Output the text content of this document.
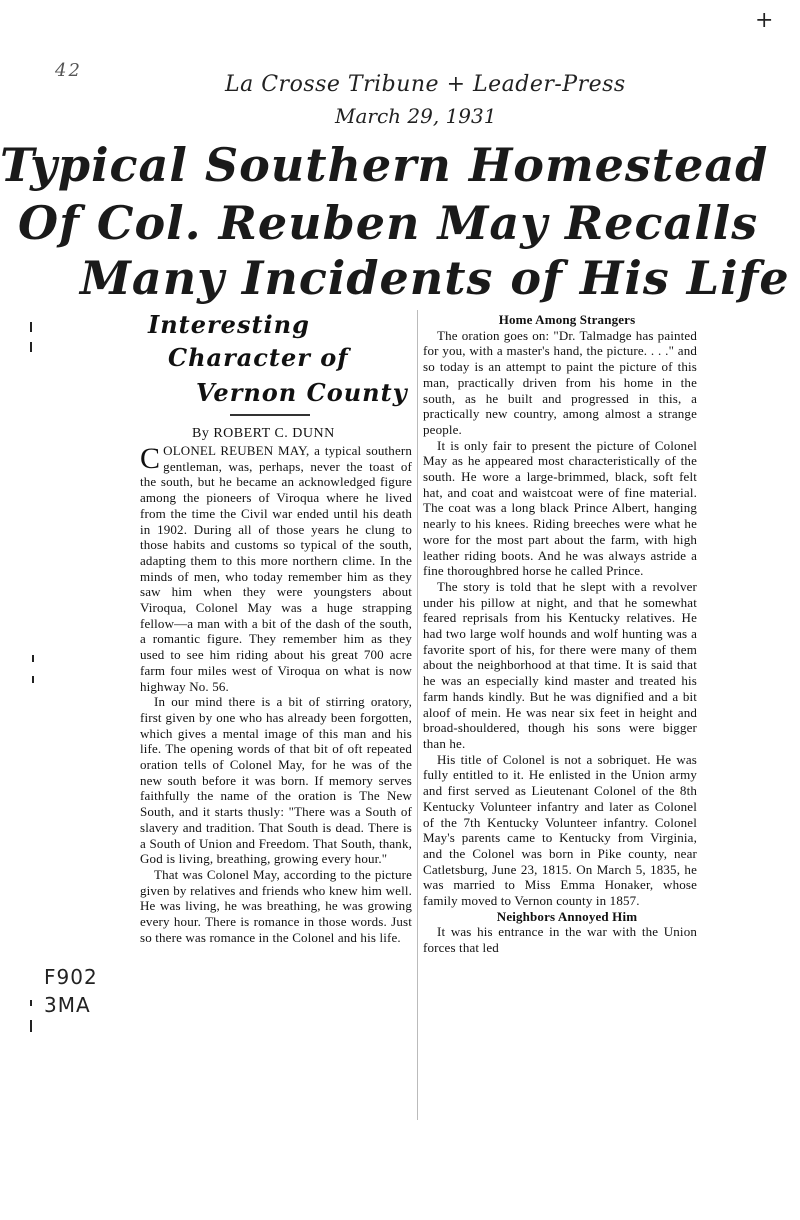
+
42
La Crosse Tribune + Leader-Press
March 29, 1931
Typical Southern Homestead
Of Col. Reuben May Recalls
Many Incidents of His Life
Interesting
Character of
Vernon County
By ROBERT C. DUNN

COLONEL REUBEN MAY, a typical southern gentleman, was, perhaps, never the toast of the south, but he became an acknowledged figure among the pioneers of Viroqua where he lived from the time the Civil war ended until his death in 1902. During all of those years he clung to those habits and customs so typical of the south, adapting them to this more northern clime. In the minds of men, who today remember him as they saw him when they were youngsters about Viroqua, Colonel May was a huge strapping fellow—a man with a bit of the dash of the south, a romantic figure. They remember him as they used to see him riding about his great 700 acre farm four miles west of Viroqua on what is now highway No. 56.

In our mind there is a bit of stirring oratory, first given by one who has already been forgotten, which gives a mental image of this man and his life. The opening words of that bit of oft repeated oration tells of Colonel May, for he was of the new south before it was born. If memory serves faithfully the name of the oration is The New South, and it starts thusly: "There was a South of slavery and tradition. That South is dead. There is a South of Union and Freedom. That South, thank, God is living, breathing, growing every hour."

That was Colonel May, according to the picture given by relatives and friends who knew him well. He was living, he was breathing, he was growing every hour. There is romance in those words. Just so there was romance in the Colonel and his life.

Home Among Strangers

The oration goes on: "Dr. Talmadge has painted for you, with a master's hand, the picture. . . ." and so today is an attempt to paint the picture of this man, practically driven from his home in the south, as he built and progressed in this, a practically new country, among almost a strange people.

It is only fair to present the picture of Colonel May as he appeared most characteristically of the south. He wore a large-brimmed, black, soft felt hat, and coat and waistcoat were of fine material. The coat was a long black Prince Albert, hanging nearly to his knees. Riding breeches were what he wore for the most part about the farm, with high leather riding boots. And he was always astride a fine thoroughbred horse he called Prince.

The story is told that he slept with a revolver under his pillow at night, and that he somewhat feared reprisals from his Kentucky relatives. He had two large wolf hounds and wolf hunting was a favorite sport of his, for there were many of them about the neighborhood at that time. It is said that he was an especially kind master and treated his farm hands kindly. But he was dignified and a bit aloof of mein. He was near six feet in height and broad-shouldered, though his sons were bigger than he.

His title of Colonel is not a sobriquet. He was fully entitled to it. He enlisted in the Union army and first served as Lieutenant Colonel of the 8th Kentucky Volunteer infantry and later as Colonel of the 7th Kentucky Volunteer infantry. Colonel May's parents came to Kentucky from Virginia, and the Colonel was born in Pike county, near Catletsburg, June 23, 1815. On March 5, 1835, he was married to Miss Emma Honaker, whose family moved to Vernon county in 1857.

Neighbors Annoyed Him

It was his entrance in the war with the Union forces that led

F902
3MA
